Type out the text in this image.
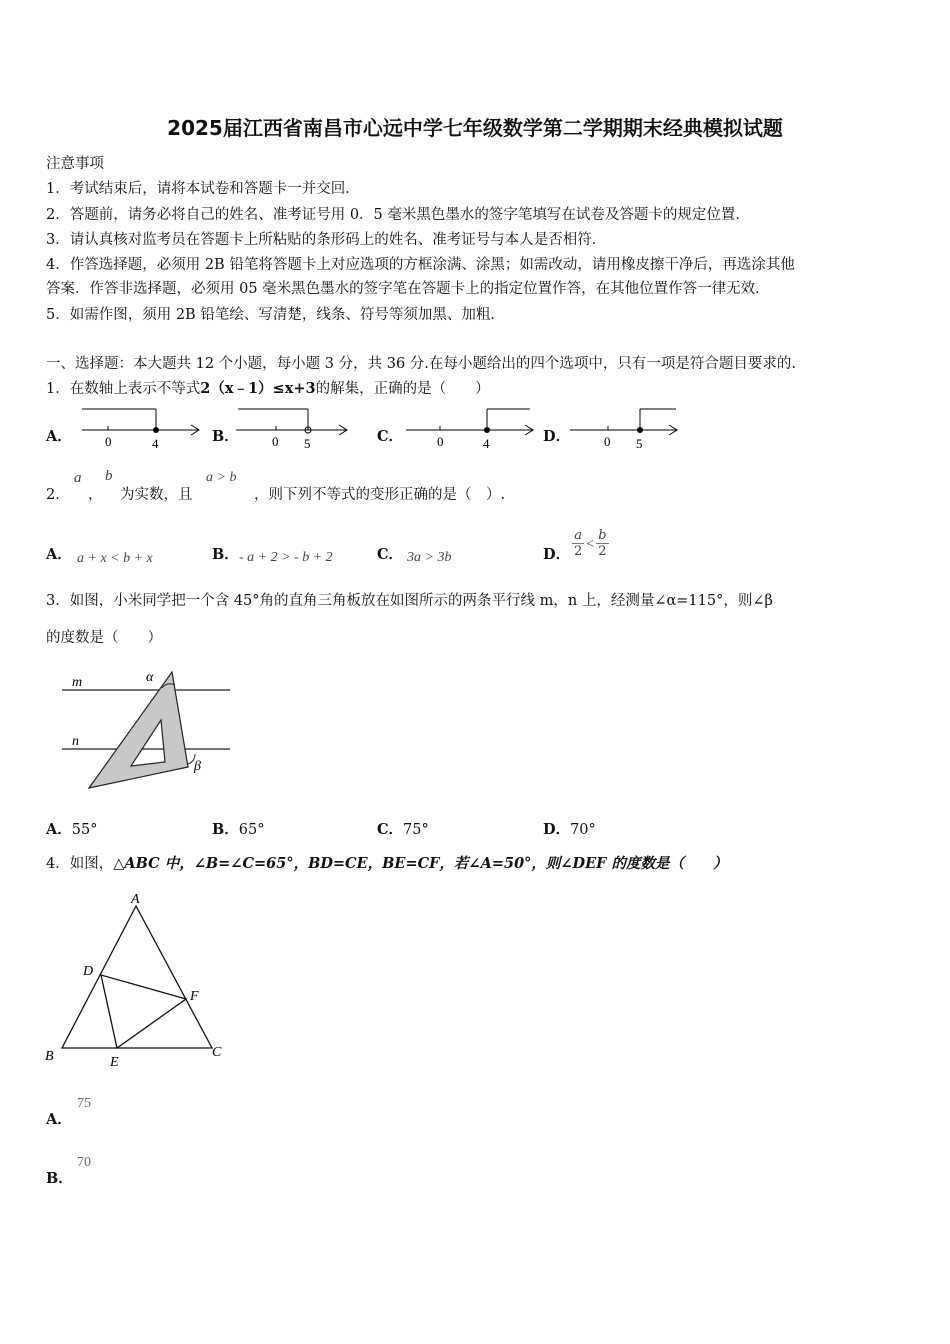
2025届江西省南昌市心远中学七年级数学第二学期期末经典模拟试题
注意事项
1．考试结束后，请将本试卷和答题卡一并交回．
2．答题前，请务必将自己的姓名、准考证号用 0．5 毫米黑色墨水的签字笔填写在试卷及答题卡的规定位置．
3．请认真核对监考员在答题卡上所粘贴的条形码上的姓名、准考证号与本人是否相符．
4．作答选择题，必须用 2B 铅笔将答题卡上对应选项的方框涂满、涂黑；如需改动，请用橡皮擦干净后，再选涂其他
答案．作答非选择题，必须用 05 毫米黑色墨水的签字笔在答题卡上的指定位置作答，在其他位置作答一律无效．
5．如需作图，须用 2B 铅笔绘、写清楚，线条、符号等须加黑、加粗．
一、选择题：本大题共 12 个小题，每小题 3 分，共 36 分.在每小题给出的四个选项中，只有一项是符合题目要求的.
1．在数轴上表示不等式2（x﹣1）≤x+3的解集，正确的是（　　）
A．	0	4	B．	0 5	C．	0	4	D．	0 5
2．
a
，
b
为实数，且
a > b
，则下列不等式的变形正确的是（　）.
A． a + x < b + x	B． - a + 2 > - b + 2	C． 3a > 3b	D． $\frac{a}{2} < \frac{b}{2}$
3．如图，小米同学把一个含 45°角的直角三角板放在如图所示的两条平行线 m，n 上，经测量∠α=115°，则∠β
的度数是（　　）
m
n
α
β
A．55°	B．65°	C．75°	D．70°
4．如图，△ABC 中，∠B=∠C=65°，BD=CE，BE=CF，若∠A=50°，则∠DEF 的度数是（　　）
A
B	C
D
E
F
A．
75
B．
70
